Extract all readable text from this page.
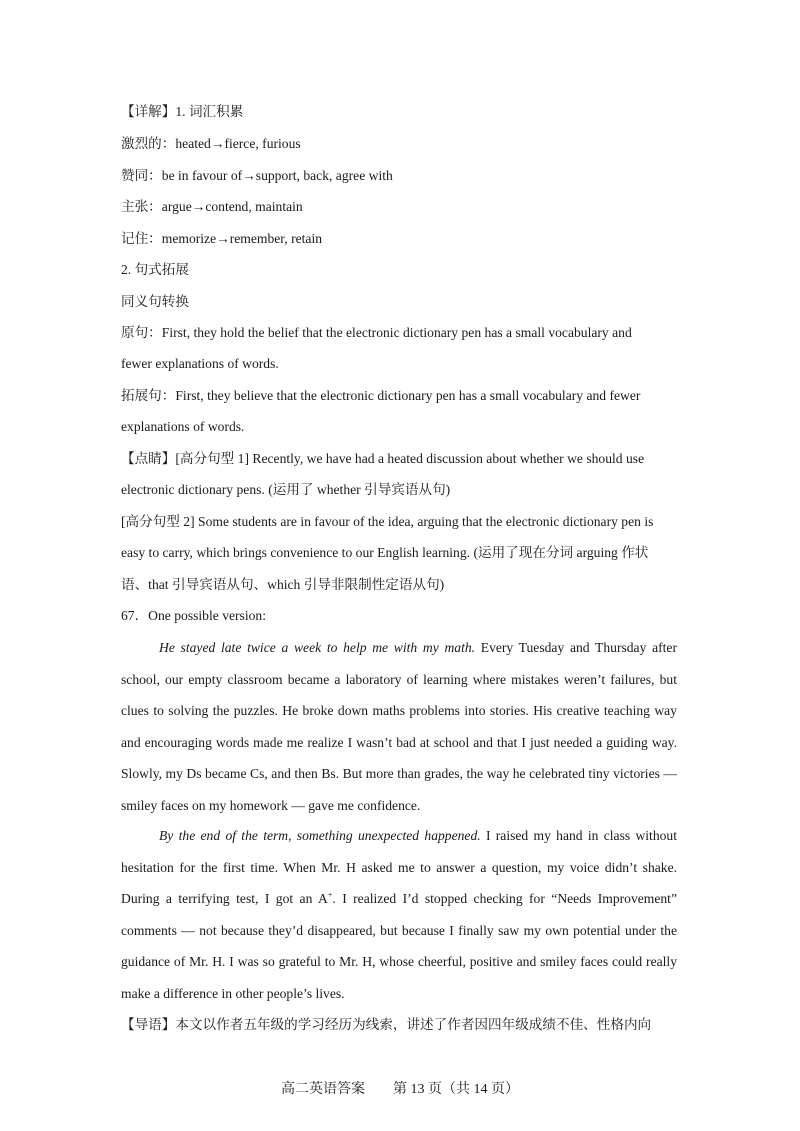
【详解】1. 词汇积累

激烈的：heated→fierce, furious

赞同：be in favour of→support, back, agree with

主张：argue→contend, maintain

记住：memorize→remember, retain

2. 句式拓展

同义句转换

原句：First, they hold the belief that the electronic dictionary pen has a small vocabulary and

fewer explanations of words.

拓展句：First, they believe that the electronic dictionary pen has a small vocabulary and fewer

explanations of words.

【点睛】[高分句型 1] Recently, we have had a heated discussion about whether we should use

electronic dictionary pens. (运用了 whether 引导宾语从句)

[高分句型 2] Some students are in favour of the idea, arguing that the electronic dictionary pen is

easy to carry, which brings convenience to our English learning. (运用了现在分词 arguing 作状

语、that 引导宾语从句、which 引导非限制性定语从句)

67．One possible version:

He stayed late twice a week to help me with my math. Every Tuesday and Thursday after school, our empty classroom became a laboratory of learning where mistakes weren’t failures, but clues to solving the puzzles. He broke down maths problems into stories. His creative teaching way and encouraging words made me realize I wasn’t bad at school and that I just needed a guiding way. Slowly, my Ds became Cs, and then Bs. But more than grades, the way he celebrated tiny victories — smiley faces on my homework — gave me confidence.

By the end of the term, something unexpected happened. I raised my hand in class without hesitation for the first time. When Mr. H asked me to answer a question, my voice didn’t shake. During a terrifying test, I got an A+. I realized I’d stopped checking for “Needs Improvement” comments — not because they’d disappeared, but because I finally saw my own potential under the guidance of Mr. H. I was so grateful to Mr. H, whose cheerful, positive and smiley faces could really make a difference in other people’s lives.

【导语】本文以作者五年级的学习经历为线索，讲述了作者因四年级成绩不佳、性格内向

高二英语答案　　第 13 页（共 14 页）
